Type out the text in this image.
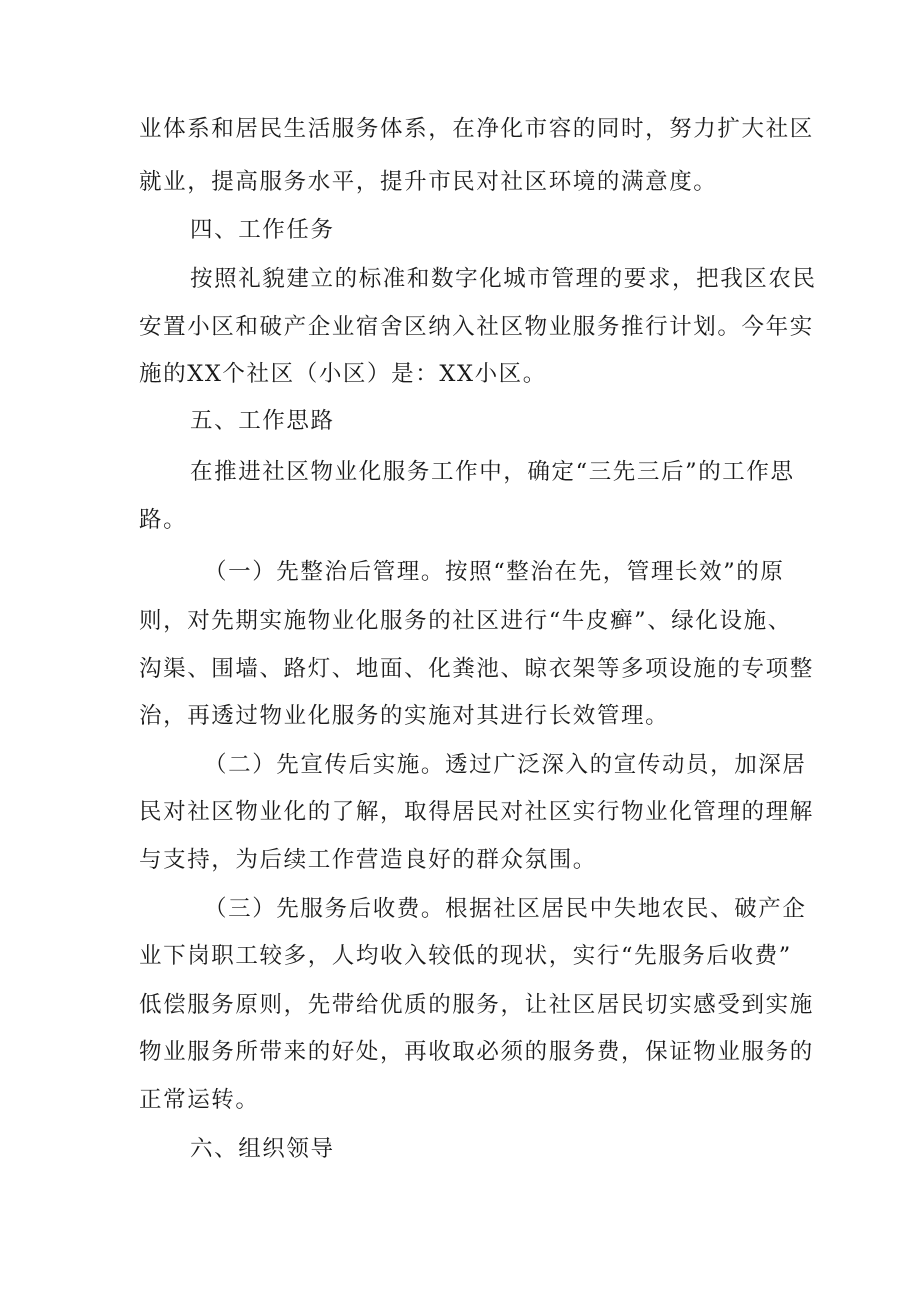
业体系和居民生活服务体系，在净化市容的同时，努力扩大社区
就业，提高服务水平，提升市民对社区环境的满意度。
四、工作任务
按照礼貌建立的标准和数字化城市管理的要求，把我区农民
安置小区和破产企业宿舍区纳入社区物业服务推行计划。今年实
施的XX个社区（小区）是：XX小区。
五、工作思路
在推进社区物业化服务工作中，确定“三先三后”的工作思
路。
（一）先整治后管理。按照“整治在先，管理长效”的原
则，对先期实施物业化服务的社区进行“牛皮癣”、绿化设施、
沟渠、围墙、路灯、地面、化粪池、晾衣架等多项设施的专项整
治，再透过物业化服务的实施对其进行长效管理。
（二）先宣传后实施。透过广泛深入的宣传动员，加深居
民对社区物业化的了解，取得居民对社区实行物业化管理的理解
与支持，为后续工作营造良好的群众氛围。
（三）先服务后收费。根据社区居民中失地农民、破产企
业下岗职工较多，人均收入较低的现状，实行“先服务后收费”
低偿服务原则，先带给优质的服务，让社区居民切实感受到实施
物业服务所带来的好处，再收取必须的服务费，保证物业服务的
正常运转。
六、组织领导
